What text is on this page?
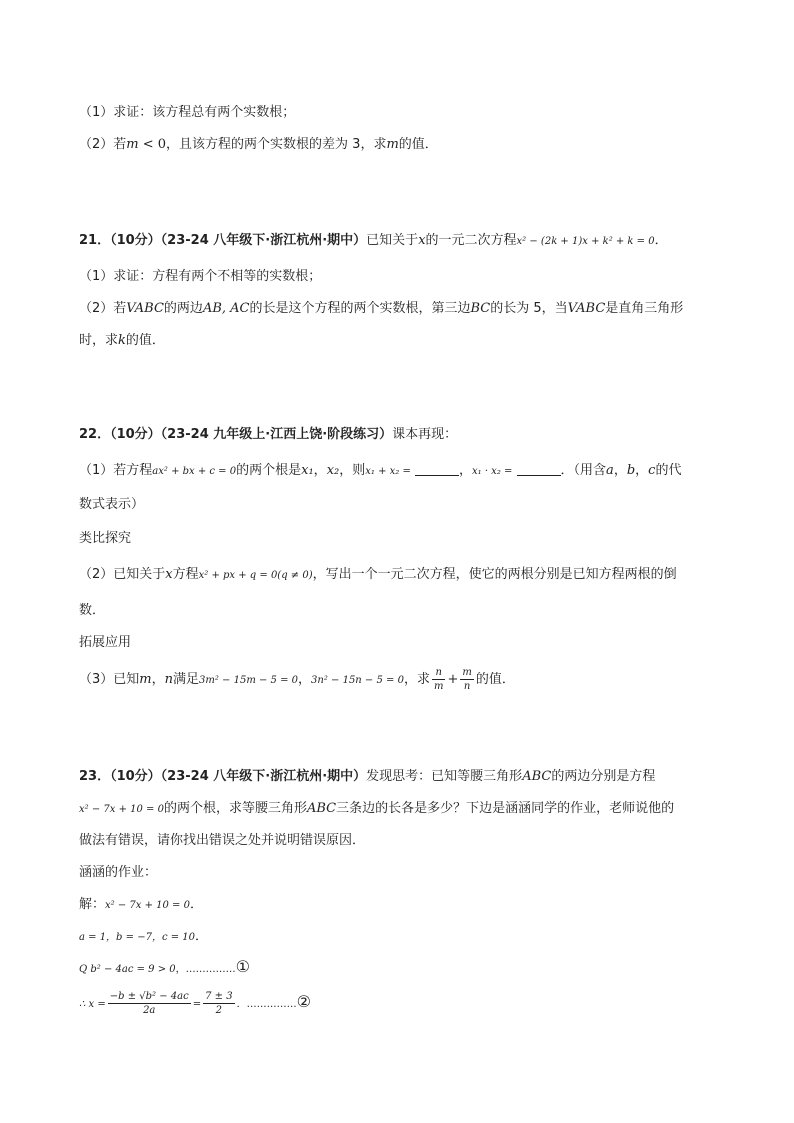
（1）求证：该方程总有两个实数根；
（2）若m < 0，且该方程的两个实数根的差为 3，求m的值．
21．（10分）（23-24 八年级下·浙江杭州·期中）已知关于x的一元二次方程x² − (2k + 1)x + k² + k = 0．
（1）求证：方程有两个不相等的实数根；
（2）若VABC的两边AB, AC的长是这个方程的两个实数根，第三边BC的长为 5，当VABC是直角三角形
时，求k的值．
22．（10分）（23-24 九年级上·江西上饶·阶段练习）课本再现：
（1）若方程ax² + bx + c = 0的两个根是x₁，x₂，则x₁ + x₂ =	，x₁ · x₂ =	．（用含a，b，c的代
数式表示）
类比探究
（2）已知关于x方程x² + px + q = 0(q ≠ 0)，写出一个一元二次方程，使它的两根分别是已知方程两根的倒
数．
拓展应用
（3）已知m，n满足3m² − 15m − 5 = 0，3n² − 15n − 5 = 0，求 $\frac{n}{m} + \frac{m}{n}$ 的值．
23．（10分）（23-24 八年级下·浙江杭州·期中）发现思考：已知等腰三角形ABC的两边分别是方程
x² − 7x + 10 = 0的两个根，求等腰三角形ABC三条边的长各是多少？下边是涵涵同学的作业，老师说他的
做法有错误，请你找出错误之处并说明错误原因．
涵涵的作业：
解：x² − 7x + 10 = 0．
a = 1，b = −7，c = 10．
Q b² − 4ac = 9 > 0，……………①
∴ $x = \frac{\text{−b ± √b² − 4ac}}{2a} = \frac{7 \pm 3}{2}$ ．……………②
